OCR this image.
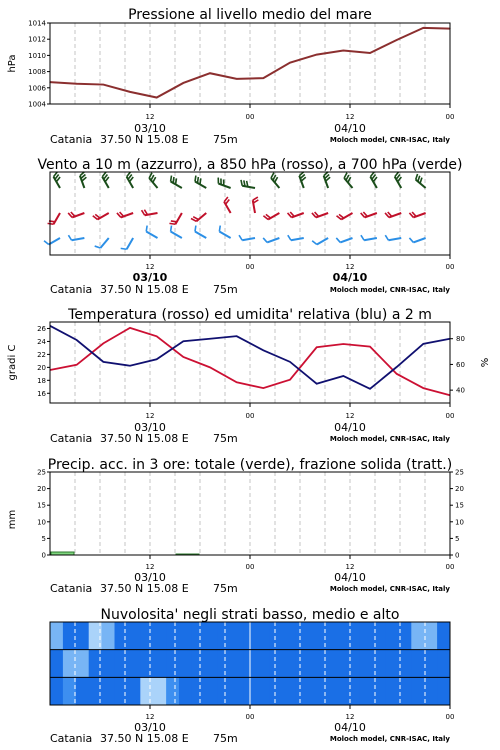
Pressione al livello medio del mare
12	00	12	00
03/10	04/10
Catania 37.50 N 15.08 E 75m	Moloch model, CNR-ISAC, Italy
1004
1006
1008
1010
1012
1014
hPa
Vento a 10 m (azzurro), a 850 hPa (rosso), a 700 hPa (verde)
12	00	12	00
03/10	04/10
Catania 37.50 N 15.08 E 75m	Moloch model, CNR-ISAC, Italy
Temperatura (rosso) ed umidita' relativa (blu) a 2 m
12	00	12	00
03/10	04/10
Catania 37.50 N 15.08 E 75m	Moloch model, CNR-ISAC, Italy
16
18
20
22
24
26
40
60
80
gradi C	%
Precip. acc. in 3 ore: totale (verde), frazione solida (tratt.)
12	00	12	00
03/10	04/10
Catania 37.50 N 15.08 E 75m	Moloch model, CNR-ISAC, Italy
0	0
5	5
10	10
15	15
20	20
25	25
mm
Nuvolosita' negli strati basso, medio e alto
12	00	12	00
03/10	04/10
Catania 37.50 N 15.08 E 75m	Moloch model, CNR-ISAC, Italy
